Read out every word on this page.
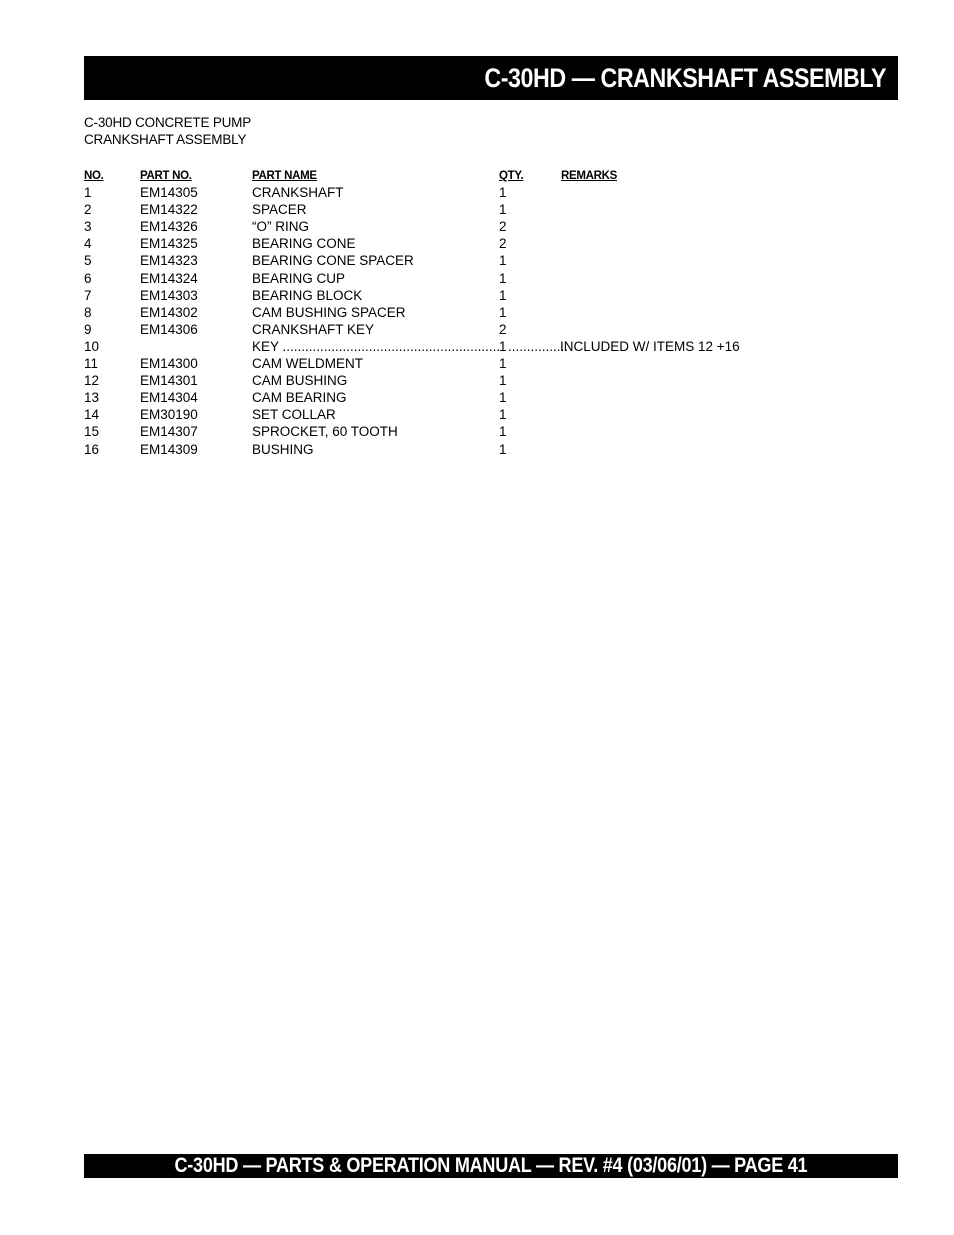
C-30HD — CRANKSHAFT ASSEMBLY
C-30HD CONCRETE PUMP
CRANKSHAFT ASSEMBLY
NO.	PART NO.	PART NAME	QTY.	REMARKS
1	EM14305	CRANKSHAFT	1
2	EM14322	SPACER	1
3	EM14326	“O” RING	2
4	EM14325	BEARING CONE	2
5	EM14323	BEARING CONE SPACER	1
6	EM14324	BEARING CUP	1
7	EM14303	BEARING BLOCK	1
8	EM14302	CAM BUSHING SPACER	1
9	EM14306	CRANKSHAFT KEY	2
10	KEY .....	1
.....	INCLUDED W/ ITEMS 12 +16
11	EM14300	CAM WELDMENT	1
12	EM14301	CAM BUSHING	1
13	EM14304	CAM BEARING	1
14	EM30190	SET COLLAR	1
15	EM14307	SPROCKET, 60 TOOTH	1
16	EM14309	BUSHING	1
C-30HD — PARTS & OPERATION MANUAL — REV. #4 (03/06/01) — PAGE 41
